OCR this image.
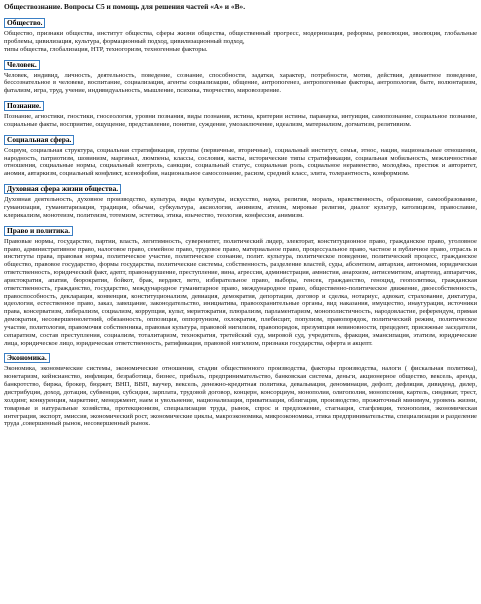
Обществознание. Вопросы С5 и помощь для решения частей «А» и «В».
Общество.
Общество, признаки общества, институт общества, сферы жизни общества, общественный прогресс, модернизация, реформы, революция, эволюция, глобальные проблемы, цивилизация, культура, формационный подход, цивилизационный подход,
типы общества, глобализация, НТР, техногоризм, техногенные факторы.
Человек.
Человек, индивид, личность, деятельность, поведение, сознание, способности, задатки, характер, потребности, мотив, действия, девиантное поведение, бессознательное в человеке, воспитание, социализация, агенты социализации, общение, антропогенез, антропогенные факторы, антропология, быте, волюнтаризм, фатализм, игра, труд, учение, индивидуальность, мышление, психика, творчество, мировоззрение.
Познание.
Познание, агностики, гностики, гносеология, уровни познания, виды познания, истина, критерии истины, паранаука, интуиция, самопознание, социальное познание, социальные факты, восприятие, ощущение, представление, понятие, суждение, умозаключение, идеализм, материализм, догматизм, релятивизм.
Социальная сфера.
Социум, социальная структура, социальная стратификация, группы (первичные, вторичные), социальный институт, семья, этнос, нация, национальные отношения, народность, патриотизм, шовинизм, маргинал, люмпены, классы, сословия, касты, исторические типы стратификации, социальная мобильность, межличностные отношения, социальные нормы, социальный контроль, санкции, социальный статус, социальная роль, социальное неравенство, молодёжь, престиж и авторитет, аномия, автаркизм, социальный конфликт, ксенофобия, национальное самосознание, расизм, средний класс, элита, толерантность, конформизм.
Духовная сфера жизни общества.
Духовная деятельность, духовное производство, культура, виды культуры, искусство, наука, религия, мораль, нравственность, образование, самообразование, гуманизация, гуманитаризация, традиция, обычаи, субкультура, аксиология, анимизм, атеизм, мировые религии, диалог культур, католицизм, православие, клерикализм, монотеизм, политеизм, тотемизм, эстетика, этика, язычество, теология, конфессия, анимизм.
Право и политика.
Правовые нормы, государство, партии, власть, легитимность, суверенитет, политический лидер, электорат, конституционное право, гражданское право, уголовное право, административное право, налоговое право, семейное право, трудовое право, материальное право, процессуальное право, частное и публичное право, отрасль и институты права, правовая норма, политическое участие, политическое сознание, полит. культура, политическое поведение, политический процесс, гражданское общество, правовое государство, формы государства, политические системы, собственность, разделение властей, суды, абсентизм, автархия, автономия, юридическая ответственность, юридический факт, адепт, правонарушение, преступление, вина, агрессия, администрация, амнистия, анархизм, антисемитизм, апартеид, аппаратчик, аристократия, апатия, бюрократия, бойкот, брак, вердикт, вето, избирательное право, выборы, генсек, гражданство, геноцид, геополитика, гражданская ответственность, гражданство, государство, международное гуманитарное право, международное право, общественно-политическое движение, двоесобственность, правоспособность, декларация, конвенция, конституционализм, девиация, демократия, депортация, договор и сделка, нотариус, адвокат, страхование, диктатура, идеология, естественное право, заказ, завещание, законодательство, инициатива, правоохранительные органы, вид наказания, имущество, инаугурация, источники права, консерватизм, либерализм, социализм, коррупция, культ, меритократия, плюрализм, парламентаризм, монополистичность, народовластие, референдум, прямая демократия, несовершеннолетний, обязанность, оппозиция, оппортунизм, охлократия, плебисцит, популизм, правопорядок, политический режим, политическое участие, политология, правомочия собственника, правовая культура, правовой нигилизм, правопорядок, презумпция невиновности, прецедент, присяжные заседатели, сепаратизм, состав преступления, социализм, тоталитаризм, технократия, третейский суд, мировой суд, учредитель, фракция, эмансипация, этатизм, юридические лица, юридическое лицо, юридическая ответственность, ратификация, правовой нигилизм, признаки государства, оферта и акцепт.
Экономика.
Экономика, экономические системы, экономические отношения, стадии общественного производства, факторы производства, налоги ( фискальная политика), монетаризм, кейнсианство, инфляция, безработица, бизнес, прибыль, предпринимательство, банковская система, деньги, акционерное общество, вексель, аренда, банкротство, биржа, брокер, бюджет, ВНП, ВВП, ваучер, вексель, денежно-кредитная политика, девальвация, деноминация, дефолт, дефляция, дивиденд, дилер, дистрибуция, доход, дотация, субвенция, субсидия, зарплата, трудовой договор, концерн, консорциум, монополия, олигополия, монопсония, картель, синдикат, трест, холдинг, конкуренция, маркетинг, менеджмент, наем и увольнение, национализация, приватизация, облигация, производство, прожиточный минимум, уровень жизни, товарные и натуральные хозяйства, протекционизм, специализация труда, рынок, спрос и предложение, стагнация, стагфляция, технополия, экономическая интеграция, экспорт, эмиссия, экономический рост, экономические циклы, макроэкономика, микроэкономика, этика предпринимательства, специализация и разделение труда ,совершенный рынок, несовершенный рынок.
